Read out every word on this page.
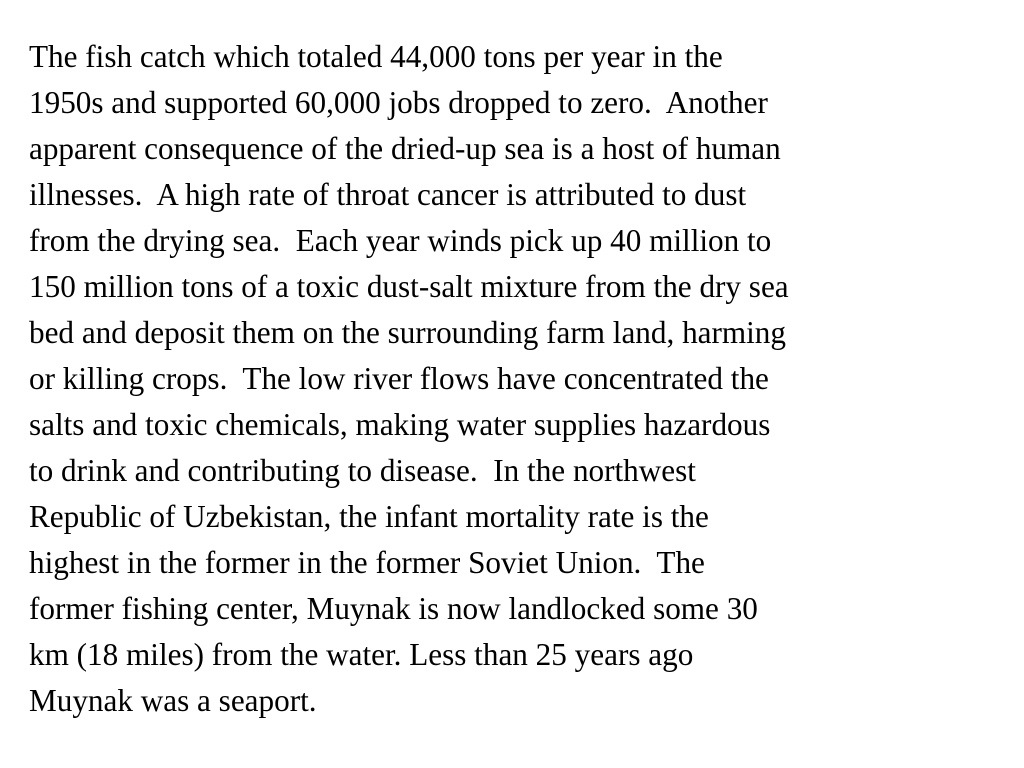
The fish catch which totaled 44,000 tons per year in the
1950s and supported 60,000 jobs dropped to zero.  Another
apparent consequence of the dried-up sea is a host of human
illnesses.  A high rate of throat cancer is attributed to dust
from the drying sea.  Each year winds pick up 40 million to
150 million tons of a toxic dust-salt mixture from the dry sea
bed and deposit them on the surrounding farm land, harming
or killing crops.  The low river flows have concentrated the
salts and toxic chemicals, making water supplies hazardous
to drink and contributing to disease.  In the northwest
Republic of Uzbekistan, the infant mortality rate is the
highest in the former in the former Soviet Union.  The
former fishing center, Muynak is now landlocked some 30
km (18 miles) from the water. Less than 25 years ago
Muynak was a seaport.
